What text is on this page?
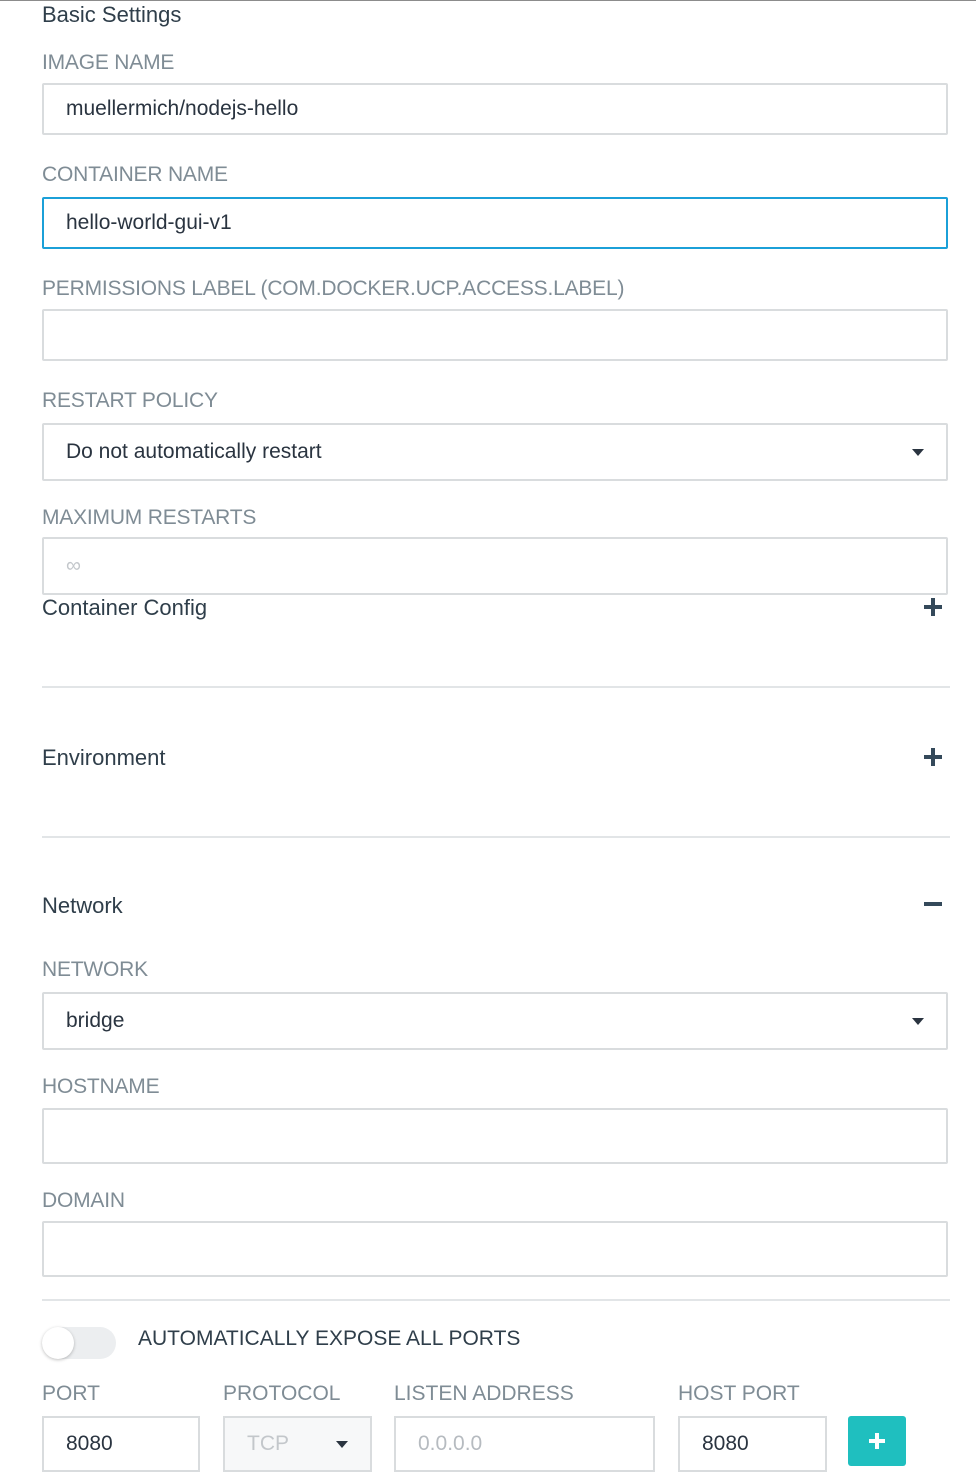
Basic Settings
IMAGE NAME
muellermich/nodejs-hello
CONTAINER NAME
hello-world-gui-v1
PERMISSIONS LABEL (COM.DOCKER.UCP.ACCESS.LABEL)
RESTART POLICY
Do not automatically restart
MAXIMUM RESTARTS
∞
Container Config
Environment
Network
NETWORK
bridge
HOSTNAME
DOMAIN
AUTOMATICALLY EXPOSE ALL PORTS
PORT	PROTOCOL	LISTEN ADDRESS	HOST PORT
8080	TCP	0.0.0.0	8080
